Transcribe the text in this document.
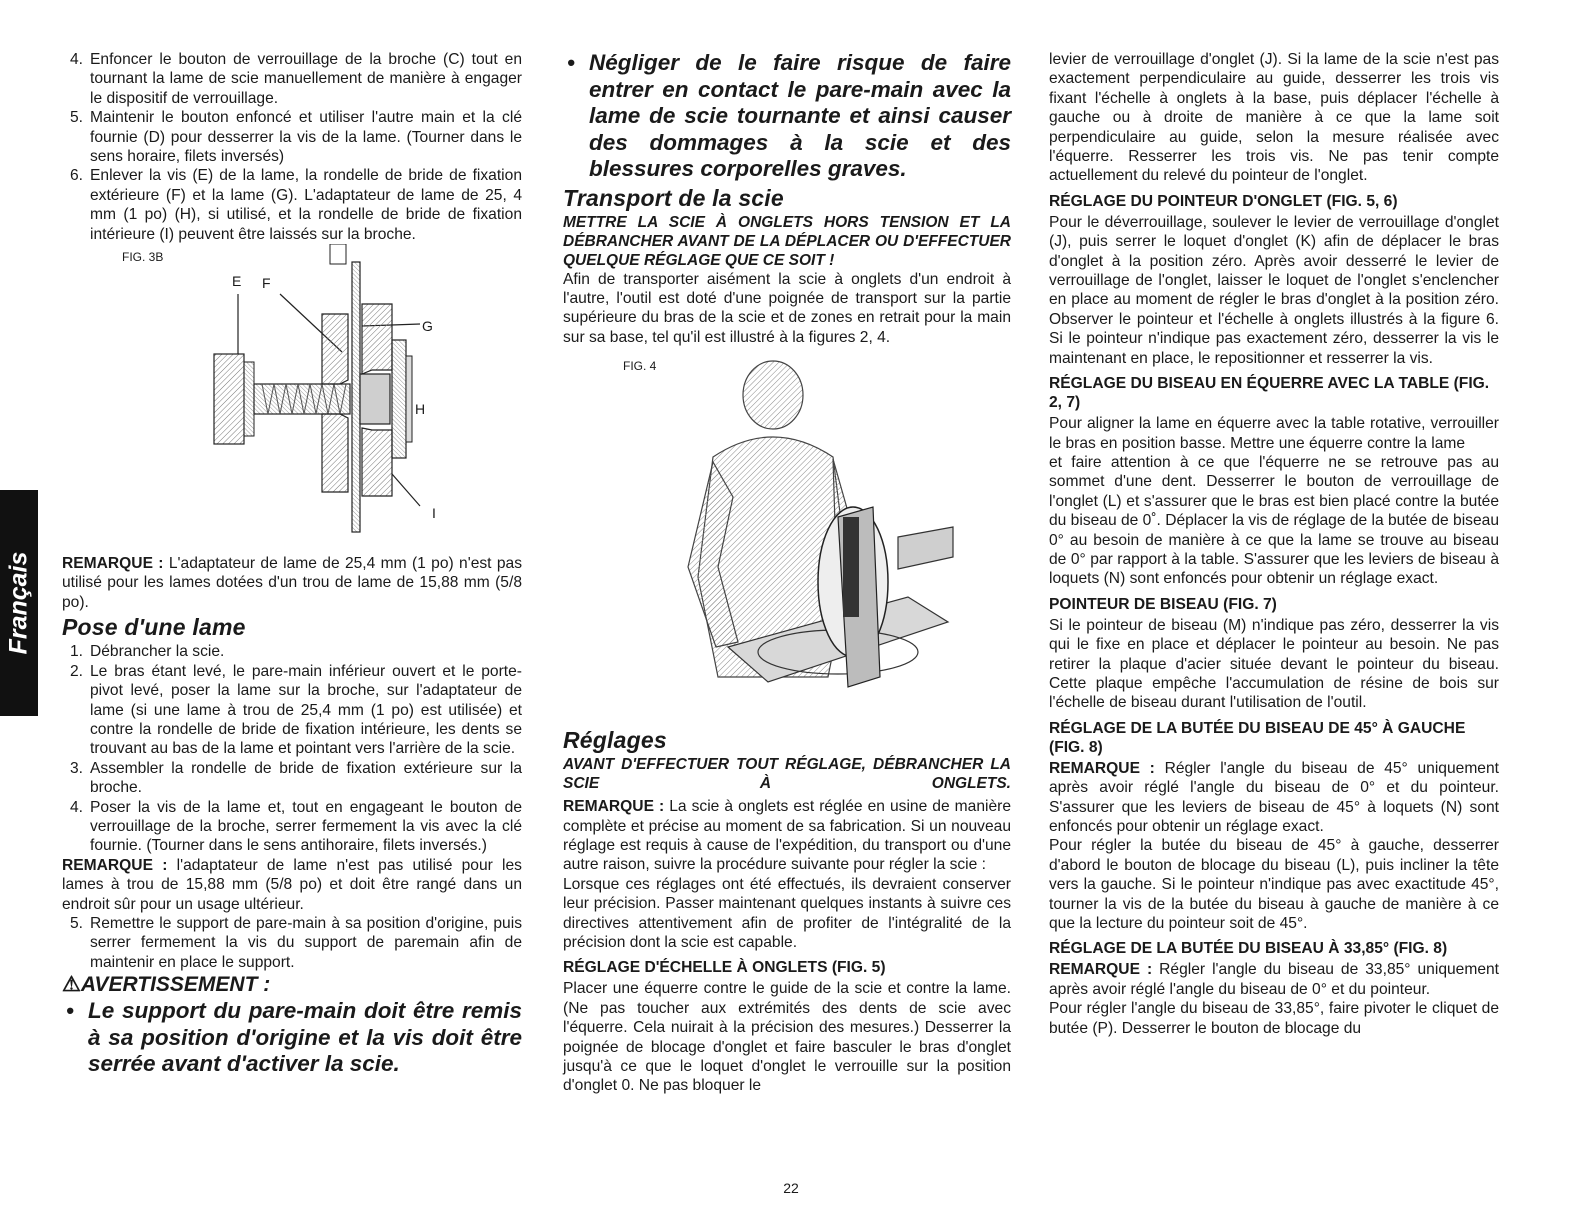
Français
4. Enfoncer le bouton de verrouillage de la broche (C) tout en tournant la lame de scie manuellement de manière à engager le dispositif de verrouillage.
5. Maintenir le bouton enfoncé et utiliser l'autre main et la clé fournie (D) pour desserrer la vis de la lame. (Tourner dans le sens horaire, filets inversés)
6. Enlever la vis (E) de la lame, la rondelle de bride de fixation extérieure (F) et la lame (G). L'adaptateur de lame de 25, 4 mm (1 po) (H), si utilisé, et la rondelle de bride de fixation intérieure (I) peuvent être laissés sur la broche.
FIG. 3B
E F
G
H
I

REMARQUE : L'adaptateur de lame de 25,4 mm (1 po) n'est pas utilisé pour les lames dotées d'un trou de lame de 15,88 mm (5/8 po).

Pose d'une lame
1. Débrancher la scie.
2. Le bras étant levé, le pare-main inférieur ouvert et le porte-pivot levé, poser la lame sur la broche, sur l'adaptateur de lame (si une lame à trou de 25,4 mm (1 po) est utilisée) et contre la rondelle de bride de fixation intérieure, les dents se trouvant au bas de la lame et pointant vers l'arrière de la scie.
3. Assembler la rondelle de bride de fixation extérieure sur la broche.
4. Poser la vis de la lame et, tout en engageant le bouton de verrouillage de la broche, serrer fermement la vis avec la clé fournie. (Tourner dans le sens antihoraire, filets inversés.)

REMARQUE : l'adaptateur de lame n'est pas utilisé pour les lames à trou de 15,88 mm (5/8 po) et doit être rangé dans un endroit sûr pour un usage ultérieur.

5. Remettre le support de pare-main à sa position d'origine, puis serrer fermement la vis du support de paremain afin de maintenir en place le support.
⚠AVERTISSEMENT :
• Le support du pare-main doit être remis à sa position d'origine et la vis doit être serrée avant d'activer la scie.
• Négliger de le faire risque de faire entrer en contact le pare-main avec la lame de scie tournante et ainsi causer des dommages à la scie et des blessures corporelles graves.
Transport de la scie

METTRE LA SCIE À ONGLETS HORS TENSION ET LA DÉBRANCHER AVANT DE LA DÉPLACER OU D'EFFECTUER QUELQUE RÉGLAGE QUE CE SOIT !

Afin de transporter aisément la scie à onglets d'un endroit à l'autre, l'outil est doté d'une poignée de transport sur la partie supérieure du bras de la scie et de zones en retrait pour la main sur sa base, tel qu'il est illustré à la figures 2, 4.

FIG. 4
Réglages

AVANT D'EFFECTUER TOUT RÉGLAGE, DÉBRANCHER LA SCIE À ONGLETS.

REMARQUE : La scie à onglets est réglée en usine de manière complète et précise au moment de sa fabrication. Si un nouveau réglage est requis à cause de l'expédition, du transport ou d'une autre raison, suivre la procédure suivante pour régler la scie :

Lorsque ces réglages ont été effectués, ils devraient conserver leur précision. Passer maintenant quelques instants à suivre ces directives attentivement afin de profiter de l'intégralité de la précision dont la scie est capable.

RÉGLAGE D'ÉCHELLE À ONGLETS (FIG. 5)

Placer une équerre contre le guide de la scie et contre la lame. (Ne pas toucher aux extrémités des dents de scie avec l'équerre. Cela nuirait à la précision des mesures.) Desserrer la poignée de blocage d'onglet et faire basculer le bras d'onglet jusqu'à ce que le loquet d'onglet le verrouille sur la position d'onglet 0. Ne pas bloquer le

levier de verrouillage d'onglet (J). Si la lame de la scie n'est pas exactement perpendiculaire au guide, desserrer les trois vis fixant l'échelle à onglets à la base, puis déplacer l'échelle à gauche ou à droite de manière à ce que la lame soit perpendiculaire au guide, selon la mesure réalisée avec l'équerre. Resserrer les trois vis. Ne pas tenir compte actuellement du relevé du pointeur de l'onglet.

RÉGLAGE DU POINTEUR D'ONGLET (FIG. 5, 6)

Pour le déverrouillage, soulever le levier de verrouillage d'onglet (J), puis serrer le loquet d'onglet (K) afin de déplacer le bras d'onglet à la position zéro. Après avoir desserré le levier de verrouillage de l'onglet, laisser le loquet de l'onglet s'enclencher en place au moment de régler le bras d'onglet à la position zéro. Observer le pointeur et l'échelle à onglets illustrés à la figure 6. Si le pointeur n'indique pas exactement zéro, desserrer la vis le maintenant en place, le repositionner et resserrer la vis.

RÉGLAGE DU BISEAU EN ÉQUERRE AVEC LA TABLE (FIG. 2, 7)

Pour aligner la lame en équerre avec la table rotative, verrouiller le bras en position basse. Mettre une équerre contre la lame

et faire attention à ce que l'équerre ne se retrouve pas au sommet d'une dent. Desserrer le bouton de verrouillage de l'onglet (L) et s'assurer que le bras est bien placé contre la butée du biseau de 0˚. Déplacer la vis de réglage de la butée de biseau 0° au besoin de manière à ce que la lame se trouve au biseau de 0° par rapport à la table. S'assurer que les leviers de biseau à loquets (N) sont enfoncés pour obtenir un réglage exact.

POINTEUR DE BISEAU (FIG. 7)

Si le pointeur de biseau (M) n'indique pas zéro, desserrer la vis qui le fixe en place et déplacer le pointeur au besoin. Ne pas retirer la plaque d'acier située devant le pointeur du biseau. Cette plaque empêche l'accumulation de résine de bois sur l'échelle de biseau durant l'utilisation de l'outil.

RÉGLAGE DE LA BUTÉE DU BISEAU DE 45° À GAUCHE (FIG. 8)

REMARQUE : Régler l'angle du biseau de 45° uniquement après avoir réglé l'angle du biseau de 0° et du pointeur. S'assurer que les leviers de biseau de 45° à loquets (N) sont enfoncés pour obtenir un réglage exact.

Pour régler la butée du biseau de 45° à gauche, desserrer d'abord le bouton de blocage du biseau (L), puis incliner la tête vers la gauche. Si le pointeur n'indique pas avec exactitude 45°, tourner la vis de la butée du biseau à gauche de manière à ce que la lecture du pointeur soit de 45°.

RÉGLAGE DE LA BUTÉE DU BISEAU À 33,85° (FIG. 8)

REMARQUE : Régler l'angle du biseau de 33,85° uniquement après avoir réglé l'angle du biseau de 0° et du pointeur.

Pour régler l'angle du biseau de 33,85°, faire pivoter le cliquet de butée (P). Desserrer le bouton de blocage du

22
